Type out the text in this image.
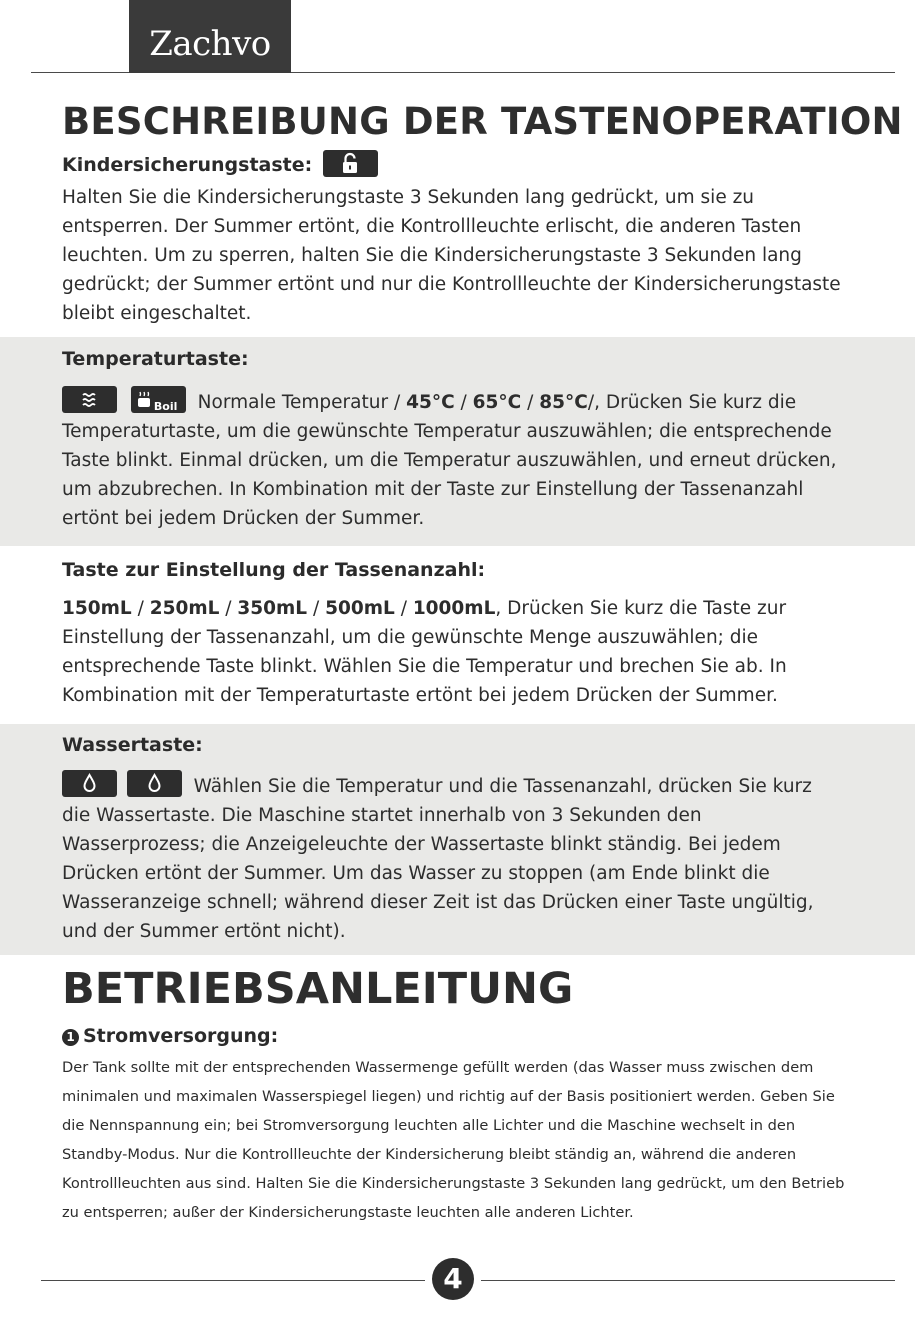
Zachvo
BESCHREIBUNG DER TASTENOPERATION
Kindersicherungstaste:

Halten Sie die Kindersicherungstaste 3 Sekunden lang gedrückt, um sie zu entsperren. Der Summer ertönt, die Kontrollleuchte erlischt, die anderen Tasten leuchten. Um zu sperren, halten Sie die Kindersicherungstaste 3 Sekunden lang gedrückt; der Summer ertönt und nur die Kontrollleuchte der Kindersicherungstaste bleibt eingeschaltet.

Temperaturtaste:

Boil Normale Temperatur / 45°C / 65°C / 85°C/, Drücken Sie kurz die Temperaturtaste, um die gewünschte Temperatur auszuwählen; die entsprechende Taste blinkt. Einmal drücken, um die Temperatur auszuwählen, und erneut drücken, um abzubrechen. In Kombination mit der Taste zur Einstellung der Tassenanzahl ertönt bei jedem Drücken der Summer.

Taste zur Einstellung der Tassenanzahl:

150mL / 250mL / 350mL / 500mL / 1000mL, Drücken Sie kurz die Taste zur Einstellung der Tassenanzahl, um die gewünschte Menge auszuwählen; die entsprechende Taste blinkt. Wählen Sie die Temperatur und brechen Sie ab. In Kombination mit der Temperaturtaste ertönt bei jedem Drücken der Summer.

Wassertaste:

Wählen Sie die Temperatur und die Tassenanzahl, drücken Sie kurz die Wassertaste. Die Maschine startet innerhalb von 3 Sekunden den Wasserprozess; die Anzeigeleuchte der Wassertaste blinkt ständig. Bei jedem Drücken ertönt der Summer. Um das Wasser zu stoppen (am Ende blinkt die Wasseranzeige schnell; während dieser Zeit ist das Drücken einer Taste ungültig, und der Summer ertönt nicht).

BETRIEBSANLEITUNG
1 Stromversorgung:

Der Tank sollte mit der entsprechenden Wassermenge gefüllt werden (das Wasser muss zwischen dem minimalen und maximalen Wasserspiegel liegen) und richtig auf der Basis positioniert werden. Geben Sie die Nennspannung ein; bei Stromversorgung leuchten alle Lichter und die Maschine wechselt in den Standby-Modus. Nur die Kontrollleuchte der Kindersicherung bleibt ständig an, während die anderen Kontrollleuchten aus sind. Halten Sie die Kindersicherungstaste 3 Sekunden lang gedrückt, um den Betrieb zu entsperren; außer der Kindersicherungstaste leuchten alle anderen Lichter.

4
